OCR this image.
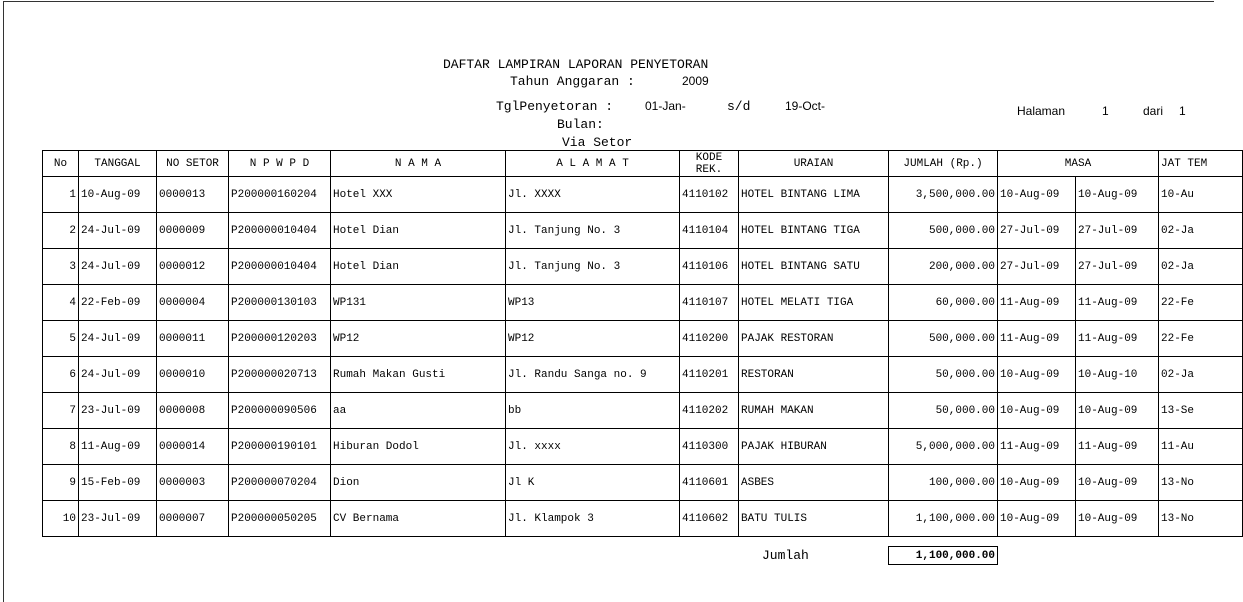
DAFTAR LAMPIRAN LAPORAN PENYETORAN
Tahun Anggaran :	2009
TglPenyetoran :	01-Jan-	s/d	19-Oct-
Bulan:
Via Setor
Halaman	1	dari 1
No	TANGGAL	NO SETOR	N P W P D	N A M A	A L A M A T	KODE REK.	URAIAN	JUMLAH (Rp.)	MASA		JAT TEM
1	10-Aug-09	0000013	P200000160204	Hotel XXX	Jl. XXXX	4110102	HOTEL BINTANG LIMA	3,500,000.00	10-Aug-09	10-Aug-09	10-Au
2	24-Jul-09	0000009	P200000010404	Hotel Dian	Jl. Tanjung No. 3	4110104	HOTEL BINTANG TIGA	500,000.00	27-Jul-09	27-Jul-09	02-Ja
3	24-Jul-09	0000012	P200000010404	Hotel Dian	Jl. Tanjung No. 3	4110106	HOTEL BINTANG SATU	200,000.00	27-Jul-09	27-Jul-09	02-Ja
4	22-Feb-09	0000004	P200000130103	WP131	WP13	4110107	HOTEL MELATI TIGA	60,000.00	11-Aug-09	11-Aug-09	22-Fe
5	24-Jul-09	0000011	P200000120203	WP12	WP12	4110200	PAJAK RESTORAN	500,000.00	11-Aug-09	11-Aug-09	22-Fe
6	24-Jul-09	0000010	P200000020713	Rumah Makan Gusti	Jl. Randu Sanga no. 9	4110201	RESTORAN	50,000.00	10-Aug-09	10-Aug-10	02-Ja
7	23-Jul-09	0000008	P200000090506	aa	bb	4110202	RUMAH MAKAN	50,000.00	10-Aug-09	10-Aug-09	13-Se
8	11-Aug-09	0000014	P200000190101	Hiburan Dodol	Jl. xxxx	4110300	PAJAK HIBURAN	5,000,000.00	11-Aug-09	11-Aug-09	11-Au
9	15-Feb-09	0000003	P200000070204	Dion	Jl K	4110601	ASBES	100,000.00	10-Aug-09	10-Aug-09	13-No
10	23-Jul-09	0000007	P200000050205	CV Bernama	Jl. Klampok 3	4110602	BATU TULIS	1,100,000.00	10-Aug-09	10-Aug-09	13-No
Jumlah	1,100,000.00
